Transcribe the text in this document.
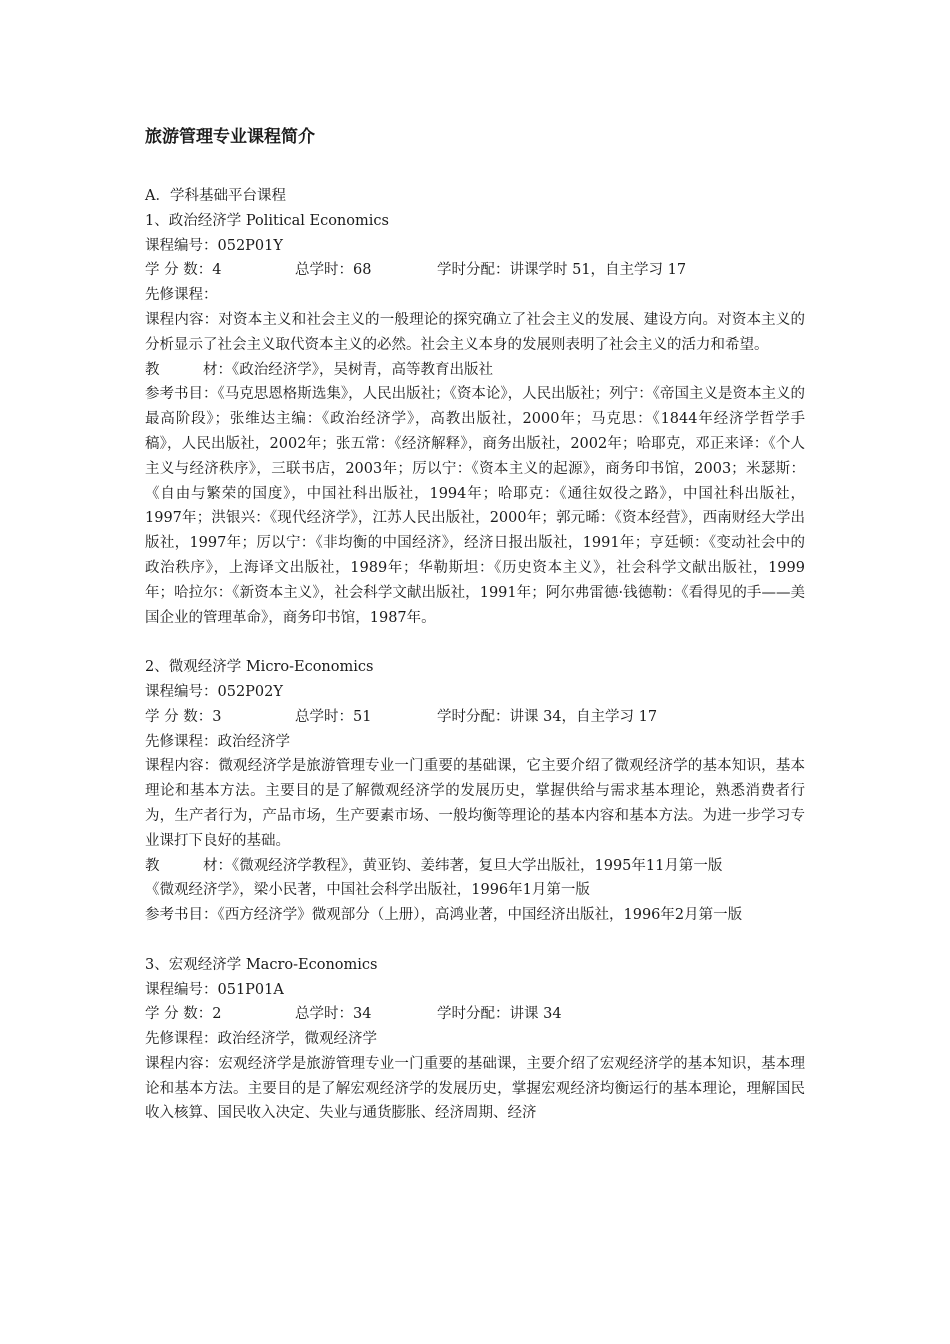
旅游管理专业课程简介
A．学科基础平台课程
1、政治经济学 Political Economics
课程编号：052P01Y
学 分 数：4	总学时：68	学时分配：讲课学时 51，自主学习 17
先修课程：
课程内容：对资本主义和社会主义的一般理论的探究确立了社会主义的发展、建设方向。对资本主义的分析显示了社会主义取代资本主义的必然。社会主义本身的发展则表明了社会主义的活力和希望。
教　　　材：《政治经济学》，吴树青，高等教育出版社
参考书目：《马克思恩格斯选集》，人民出版社；《资本论》，人民出版社；列宁：《帝国主义是资本主义的最高阶段》；张维达主编：《政治经济学》，高教出版社，2000年；马克思：《1844年经济学哲学手稿》，人民出版社，2002年；张五常：《经济解释》，商务出版社，2002年；哈耶克，邓正来译：《个人主义与经济秩序》，三联书店，2003年；厉以宁：《资本主义的起源》，商务印书馆，2003；米瑟斯：《自由与繁荣的国度》，中国社科出版社，1994年；哈耶克：《通往奴役之路》，中国社科出版社，1997年；洪银兴：《现代经济学》，江苏人民出版社，2000年；郭元晞：《资本经营》，西南财经大学出版社，1997年；厉以宁：《非均衡的中国经济》，经济日报出版社，1991年；亨廷顿：《变动社会中的政治秩序》，上海译文出版社，1989年；华勒斯坦：《历史资本主义》，社会科学文献出版社，1999年；哈拉尔：《新资本主义》，社会科学文献出版社，1991年；阿尔弗雷德·钱德勒：《看得见的手——美国企业的管理革命》，商务印书馆，1987年。
2、微观经济学 Micro-Economics
课程编号：052P02Y
学 分 数：3	总学时：51	学时分配：讲课 34，自主学习 17
先修课程：政治经济学
课程内容：微观经济学是旅游管理专业一门重要的基础课，它主要介绍了微观经济学的基本知识，基本理论和基本方法。主要目的是了解微观经济学的发展历史，掌握供给与需求基本理论，熟悉消费者行为，生产者行为，产品市场，生产要素市场、一般均衡等理论的基本内容和基本方法。为进一步学习专业课打下良好的基础。
教　　　材：《微观经济学教程》，黄亚钧、姜纬著，复旦大学出版社，1995年11月第一版
《微观经济学》，梁小民著，中国社会科学出版社，1996年1月第一版
参考书目：《西方经济学》微观部分（上册），高鸿业著，中国经济出版社，1996年2月第一版
3、宏观经济学 Macro-Economics
课程编号：051P01A
学 分 数：2	总学时：34	学时分配：讲课 34
先修课程：政治经济学，微观经济学
课程内容：宏观经济学是旅游管理专业一门重要的基础课，主要介绍了宏观经济学的基本知识，基本理论和基本方法。主要目的是了解宏观经济学的发展历史，掌握宏观经济均衡运行的基本理论，理解国民收入核算、国民收入决定、失业与通货膨胀、经济周期、经济
